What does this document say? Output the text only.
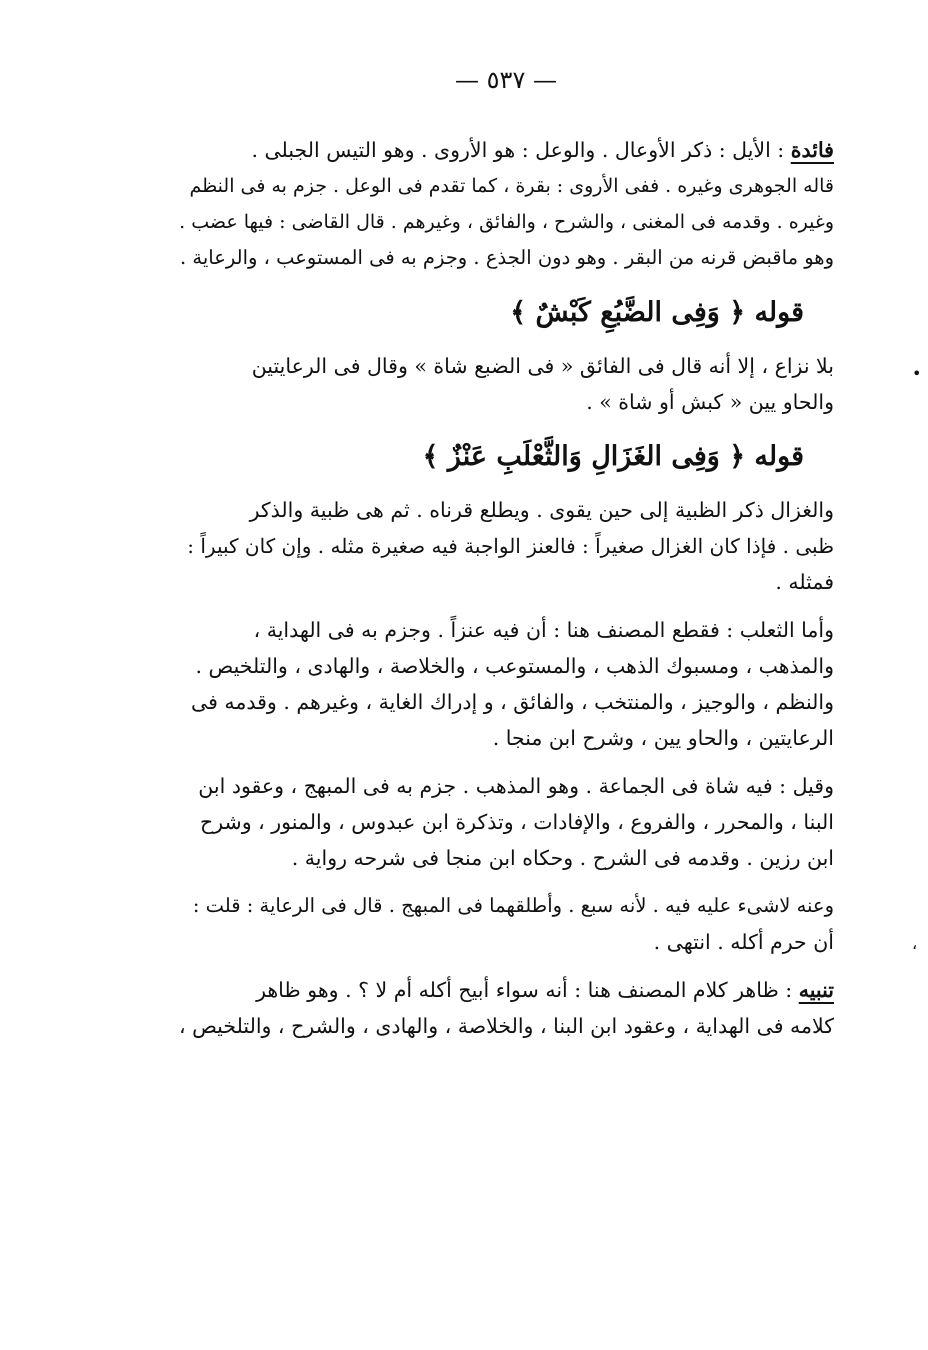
— ٥٣٧ —
فائدة : الأيل : ذكر الأوعال . والوعل : هو الأروى . وهو التيس الجبلى .
قاله الجوهرى وغيره . ففى الأروى : بقرة ، كما تقدم فى الوعل . جزم به فى النظم
وغيره . وقدمه فى المغنى ، والشرح ، والفائق ، وغيرهم . قال القاضى : فيها عضب .
وهو ماقبض قرنه من البقر . وهو دون الجذع . وجزم به فى المستوعب ، والرعاية .
قوله ﴿ وَفِى الضَّبُعِ كَبْشٌ ﴾
بلا نزاع ، إلا أنه قال فى الفائق « فى الضبع شاة » وقال فى الرعايتين
والحاو يين « كبش أو شاة » .
قوله ﴿ وَفِى الغَزَالِ وَالثَّعْلَبِ عَنْزٌ ﴾
والغزال ذكر الظبية إلى حين يقوى . ويطلع قرناه . ثم هى ظبية والذكر
ظبى . فإذا كان الغزال صغيراً : فالعنز الواجبة فيه صغيرة مثله . وإن كان كبيراً :
فمثله .
وأما الثعلب : فقطع المصنف هنا : أن فيه عنزاً . وجزم به فى الهداية ،
والمذهب ، ومسبوك الذهب ، والمستوعب ، والخلاصة ، والهادى ، والتلخيص .
والنظم ، والوجيز ، والمنتخب ، والفائق ، و إدراك الغاية ، وغيرهم . وقدمه فى
الرعايتين ، والحاو يين ، وشرح ابن منجا .
وقيل : فيه شاة فى الجماعة . وهو المذهب . جزم به فى المبهج ، وعقود ابن
البنا ، والمحرر ، والفروع ، والإفادات ، وتذكرة ابن عبدوس ، والمنور ، وشرح
ابن رزين . وقدمه فى الشرح . وحكاه ابن منجا فى شرحه رواية .
وعنه لاشىء عليه فيه . لأنه سبع . وأطلقهما فى المبهج . قال فى الرعاية : قلت :
أن حرم أكله . انتهى .
تنبيه : ظاهر كلام المصنف هنا : أنه سواء أبيح أكله أم لا ؟ . وهو ظاهر
كلامه فى الهداية ، وعقود ابن البنا ، والخلاصة ، والهادى ، والشرح ، والتلخيص ،
•
،
